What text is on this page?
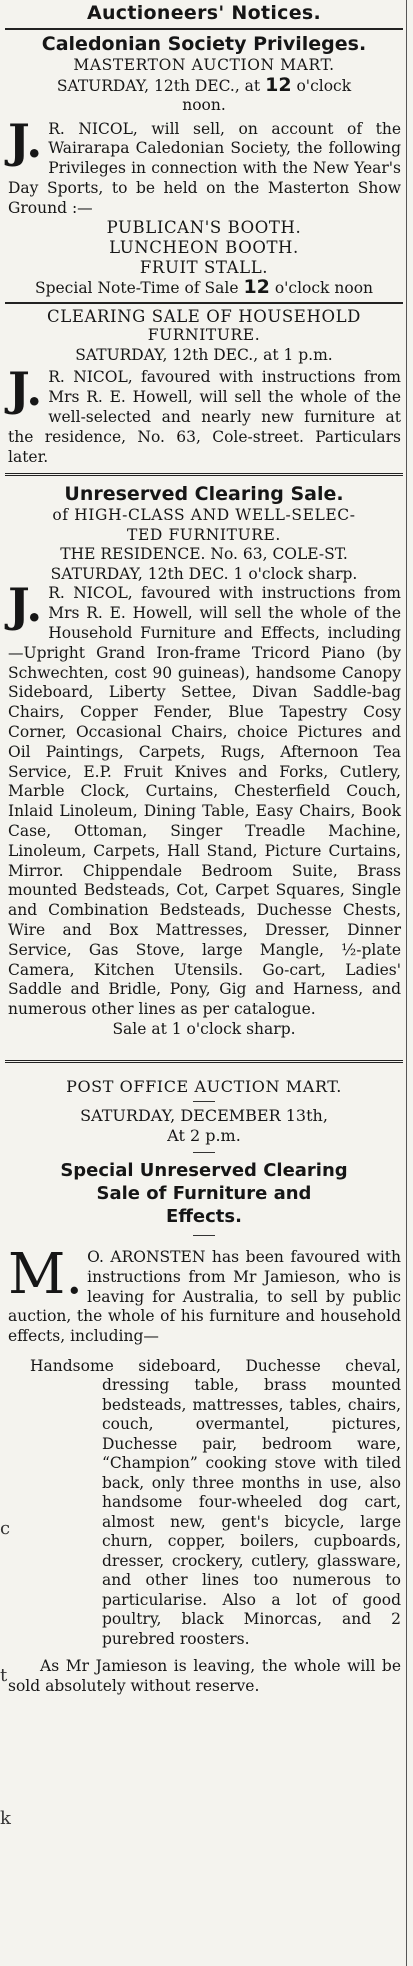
c
t
k
Auctioneers' Notices.
Caledonian Society Privileges.
MASTERTON AUCTION MART.
SATURDAY, 12th DEC., at 12 o'clock
noon.
J.R. NICOL, will sell, on account of the Wairarapa Caledonian Society, the following Privileges in connection with the New Year's Day Sports, to be held on the Masterton Show Ground :—
PUBLICAN'S BOOTH.
LUNCHEON BOOTH.
FRUIT STALL.
Special Note-Time of Sale 12 o'clock noon
CLEARING SALE OF HOUSEHOLD
FURNITURE.
SATURDAY, 12th DEC., at 1 p.m.
J.R. NICOL, favoured with instructions from Mrs R. E. Howell, will sell the whole of the well-selected and nearly new furniture at the residence, No. 63, Cole-street. Particulars later.
Unreserved Clearing Sale.
of HIGH-CLASS AND WELL-SELEC-
TED FURNITURE.
THE RESIDENCE. No. 63, COLE-ST.
SATURDAY, 12th DEC. 1 o'clock sharp.
J.R. NICOL, favoured with instructions from Mrs R. E. Howell, will sell the whole of the Household Furniture and Effects, including—Upright Grand Iron-frame Tricord Piano (by Schwechten, cost 90 guineas), handsome Canopy Sideboard, Liberty Settee, Divan Saddle-bag Chairs, Copper Fender, Blue Tapestry Cosy Corner, Occasional Chairs, choice Pictures and Oil Paintings, Carpets, Rugs, Afternoon Tea Service, E.P. Fruit Knives and Forks, Cutlery, Marble Clock, Curtains, Chesterfield Couch, Inlaid Linoleum, Dining Table, Easy Chairs, Book Case, Ottoman, Singer Treadle Machine, Linoleum, Carpets, Hall Stand, Picture Curtains, Mirror. Chippendale Bedroom Suite, Brass mounted Bedsteads, Cot, Carpet Squares, Single and Combination Bedsteads, Duchesse Chests, Wire and Box Mattresses, Dresser, Dinner Service, Gas Stove, large Mangle, ½-plate Camera, Kitchen Utensils. Go-cart, Ladies' Saddle and Bridle, Pony, Gig and Harness, and numerous other lines as per catalogue.
Sale at 1 o'clock sharp.
POST OFFICE AUCTION MART.
SATURDAY, DECEMBER 13th,
At 2 p.m.
Special Unreserved Clearing
Sale of Furniture and
Effects.
M.O. ARONSTEN has been favoured with instructions from Mr Jamieson, who is leaving for Australia, to sell by public auction, the whole of his furniture and household effects, including—
Handsome sideboard, Duchesse cheval, dressing table, brass mounted bedsteads, mattresses, tables, chairs, couch, overmantel, pictures, Duchesse pair, bedroom ware, “Champion” cooking stove with tiled back, only three months in use, also handsome four-wheeled dog cart, almost new, gent's bicycle, large churn, copper, boilers, cupboards, dresser, crockery, cutlery, glassware, and other lines too numerous to particularise. Also a lot of good poultry, black Minorcas, and 2 purebred roosters.
As Mr Jamieson is leaving, the whole will be sold absolutely without reserve.
